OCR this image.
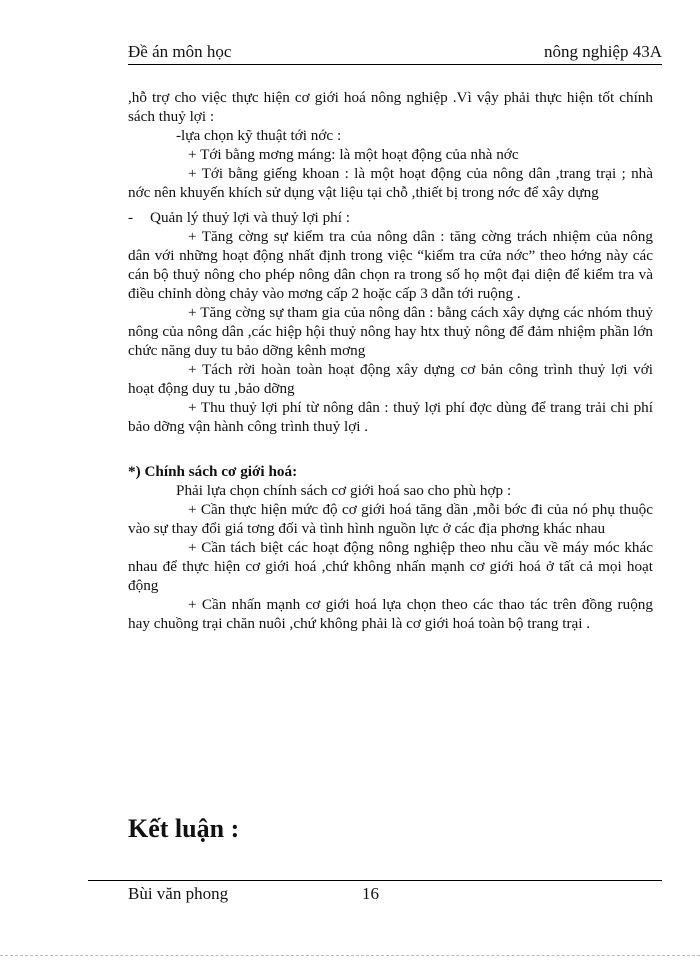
Đề án môn học	nông nghiệp 43A

,hỗ trợ cho việc thực hiện cơ giới hoá nông nghiệp .Vì vậy phải thực hiện tốt chính sách thuỷ lợi :

-lựa chọn kỹ thuật tới nớc :

+ Tới bằng mơng máng: là một hoạt động của nhà nớc

+ Tới bằng giếng khoan : là một hoạt động của nông dân ,trang trại ; nhà nớc nên khuyến khích sử dụng vật liệu tại chỗ ,thiết bị trong nớc để xây dựng

- Quản lý thuỷ lợi và thuỷ lợi phí :

+ Tăng cờng sự kiểm tra của nông dân : tăng cờng trách nhiệm của nông dân với những hoạt động nhất định trong việc “kiểm tra cửa nớc” theo hớng này các cán bộ thuỷ nông cho phép nông dân chọn ra trong số họ một đại diện để kiểm tra và điều chỉnh dòng chảy vào mơng cấp 2 hoặc cấp 3 dẫn tới ruộng .

+ Tăng cờng sự tham gia của nông dân : bằng cách xây dựng các nhóm thuỷ nông của nông dân ,các hiệp hội thuỷ nông hay htx thuỷ nông để đảm nhiệm phần lớn chức năng duy tu bảo dỡng kênh mơng

+ Tách rời hoàn toàn hoạt động xây dựng cơ bản công trình thuỷ lợi với hoạt động duy tu ,bảo dỡng

+ Thu thuỷ lợi phí từ nông dân : thuỷ lợi phí đợc dùng để trang trải chi phí bảo dỡng vận hành công trình thuỷ lợi .

*) Chính sách cơ giới hoá:

Phải lựa chọn chính sách cơ giới hoá sao cho phù hợp :

+ Cần thực hiện mức độ cơ giới hoá tăng dần ,mỗi bớc đi của nó phụ thuộc vào sự thay đổi giá tơng đối và tình hình nguồn lực ở các địa phơng khác nhau

+ Cần tách biệt các hoạt động nông nghiệp theo nhu cầu về máy móc khác nhau để thực hiện cơ giới hoá ,chứ không nhấn mạnh cơ giới hoá ở tất cả mọi hoạt động

+ Cần nhấn mạnh cơ giới hoá lựa chọn theo các thao tác trên đồng ruộng hay chuồng trại chăn nuôi ,chứ không phải là cơ giới hoá toàn bộ trang trại .

Kết luận :
Bùi văn phong	16
